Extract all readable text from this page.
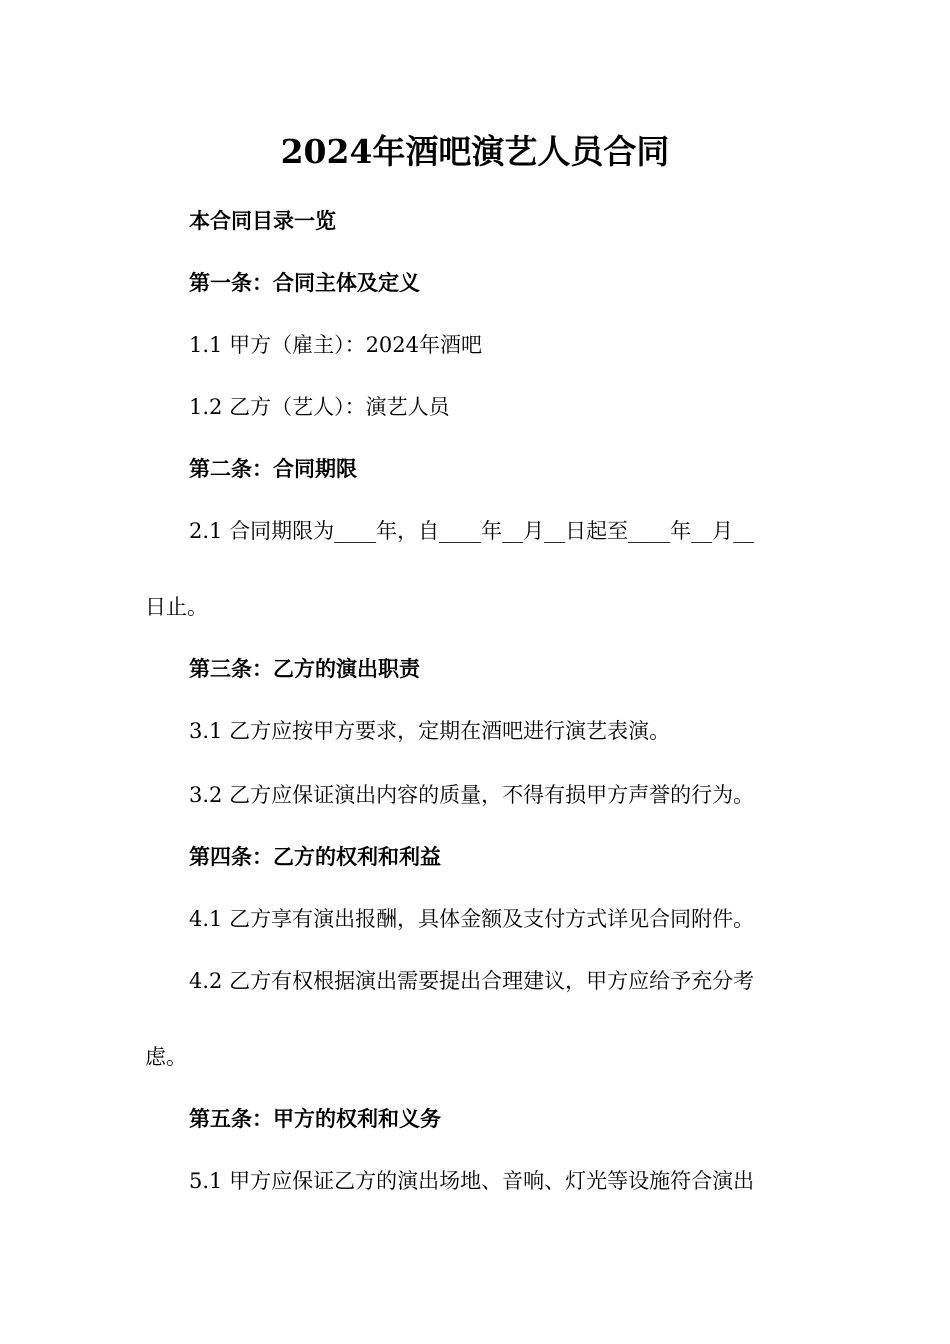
2024年酒吧演艺人员合同
本合同目录一览
第一条：合同主体及定义
1.1 甲方（雇主）：2024年酒吧
1.2 乙方（艺人）：演艺人员
第二条：合同期限
2.1 合同期限为____年，自____年__月__日起至____年__月__
日止。
第三条：乙方的演出职责
3.1 乙方应按甲方要求，定期在酒吧进行演艺表演。
3.2 乙方应保证演出内容的质量，不得有损甲方声誉的行为。
第四条：乙方的权利和利益
4.1 乙方享有演出报酬，具体金额及支付方式详见合同附件。
4.2 乙方有权根据演出需要提出合理建议，甲方应给予充分考
虑。
第五条：甲方的权利和义务
5.1 甲方应保证乙方的演出场地、音响、灯光等设施符合演出
